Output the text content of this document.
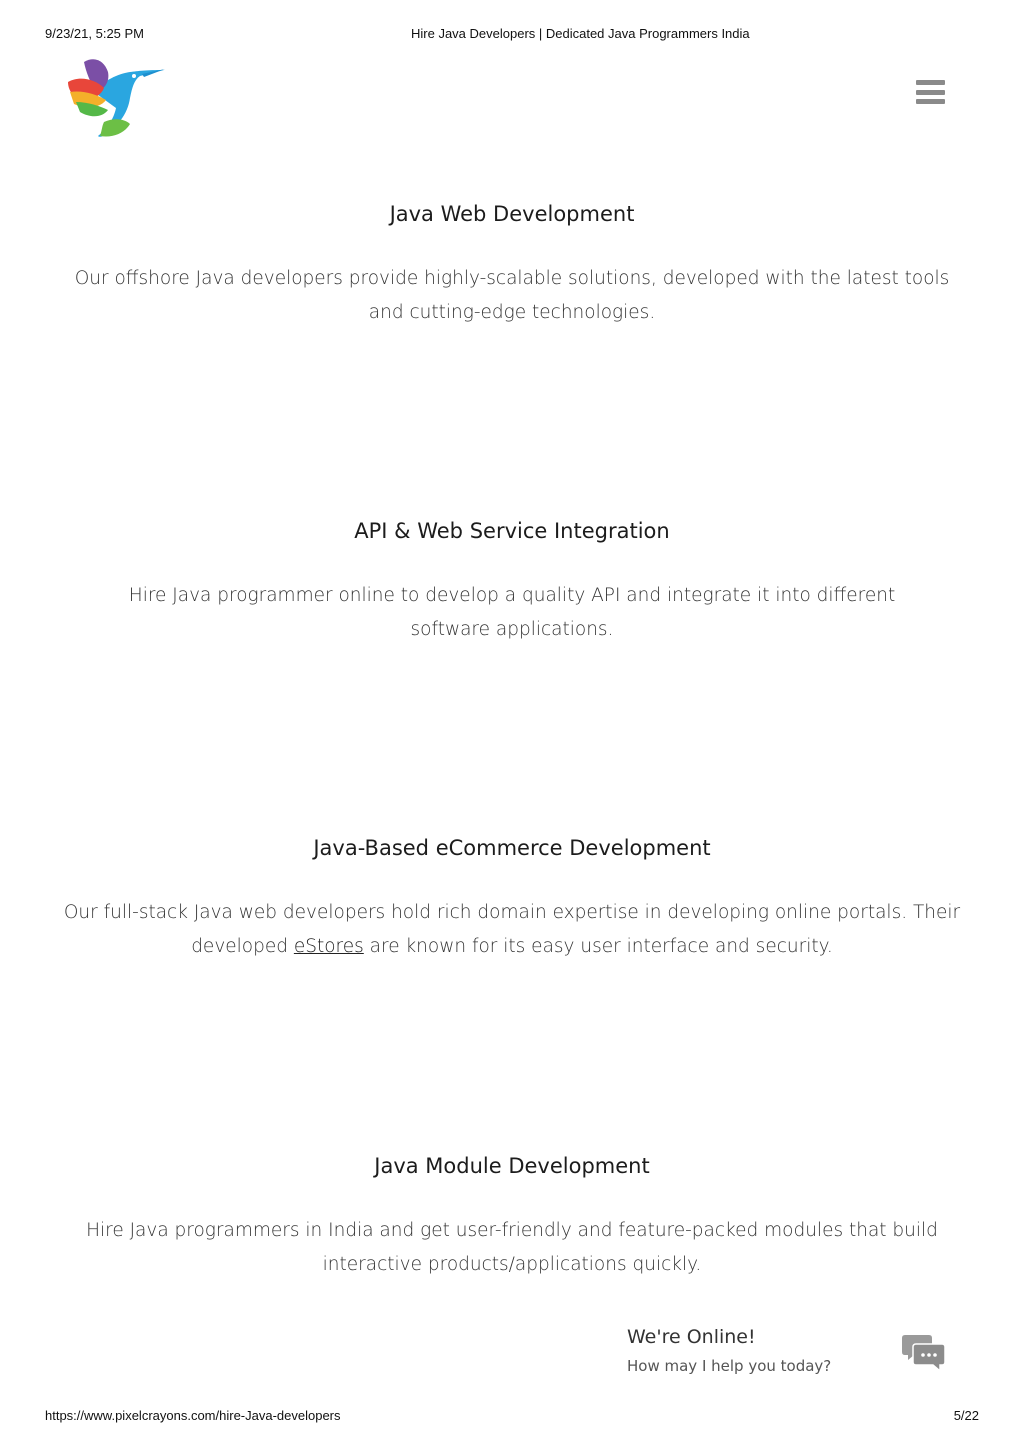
9/23/21, 5:25 PM	Hire Java Developers | Dedicated Java Programmers India
Java Web Development

Our offshore Java developers provide highly-scalable solutions, developed with the latest tools and cutting-edge technologies.

API & Web Service Integration

Hire Java programmer online to develop a quality API and integrate it into different software applications.

Java-Based eCommerce Development

Our full-stack Java web developers hold rich domain expertise in developing online portals. Their developed eStores are known for its easy user interface and security.

Java Module Development

Hire Java programmers in India and get user-friendly and feature-packed modules that build interactive products/applications quickly.

We're Online!
How may I help you today?
https://www.pixelcrayons.com/hire-Java-developers	5/22
